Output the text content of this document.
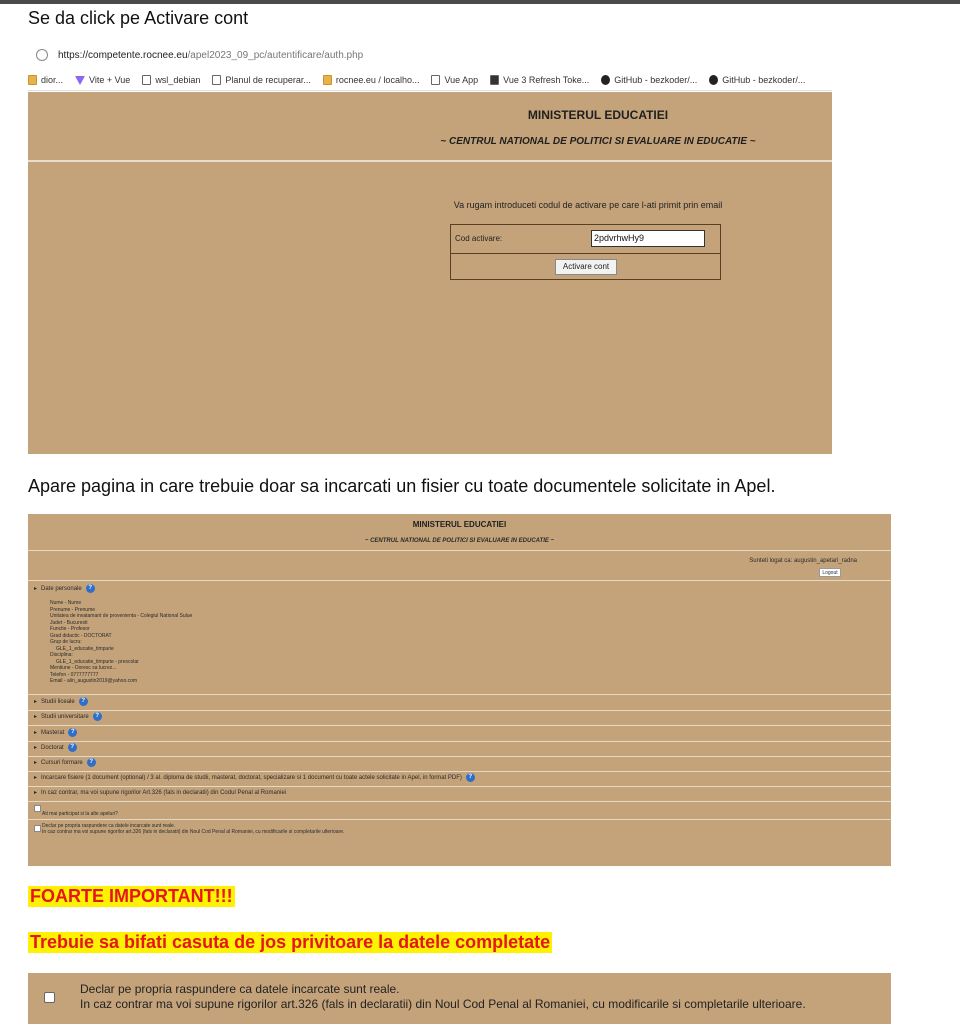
Se da click pe Activare cont
https://competente.rocnee.eu /apel2023_09_pc/autentificare/auth.php
dior...	Vite + Vue	wsl_debian	Planul de recuperar...	rocnee.eu / localho...	Vue App	Vue 3 Refresh Toke...	GitHub - bezkoder/...	GitHub - bezkoder/...
MINISTERUL EDUCATIEI
~ CENTRUL NATIONAL DE POLITICI SI EVALUARE IN EDUCATIE ~
Va rugam introduceti codul de activare pe care l-ati primit prin email
Cod activare:	2pdvrhwHy9
Activare cont
Apare pagina in care trebuie doar sa incarcati un fisier cu toate documentele solicitate in Apel.
MINISTERUL EDUCATIEI
~ CENTRUL NATIONAL DE POLITICI SI EVALUARE IN EDUCATIE ~
Sunteti logat ca: augustin_apetari_radna
Logout
▸ Date personale	?
Nume - Nume
Prenume - Prenume
Unitatea de invatamant de provenienta - Colegiul National Sulue
Judet - Bucuresti
Functie - Profesor
Grad didactic - DOCTORAT
Grup de lucru:
GLE_1_educatie_timpurie
Disciplina:
GLE_1_educatie_timpurie - prescolar
Mentiune - Doresc sa lucrez...
Telefon - 0777777777
Email - alin_augustin2019@yahoo.com
▸ Studii liceale	?
▸ Studii universitare	?
▸ Masterat	?
▸ Doctorat	?
▸ Cursuri formare	?
▸ Incarcare fisiere (1 document (optional) / 3 al. diploma de studii, masterat, doctorat, specializare si 1 document cu toate actele solicitate in Apel, in format PDF)	?
▸ In caz contrar, ma voi supune rigorilor Art.326 (fals in declaratii) din Codul Penal al Romaniei
Ati mai participat si la alte apeluri?
Declar pe propria raspundere ca datele incarcate sunt reale.
In caz contrar ma voi supune rigorilor art.326 (fals in declaratii) din Noul Cod Penal al Romaniei, cu modificarile si completarile ulterioare.
FOARTE IMPORTANT!!!
Trebuie sa bifati casuta de jos privitoare la datele completate
Declar pe propria raspundere ca datele incarcate sunt reale.
In caz contrar ma voi supune rigorilor art.326 (fals in declaratii) din Noul Cod Penal al Romaniei, cu modificarile si completarile ulterioare.
